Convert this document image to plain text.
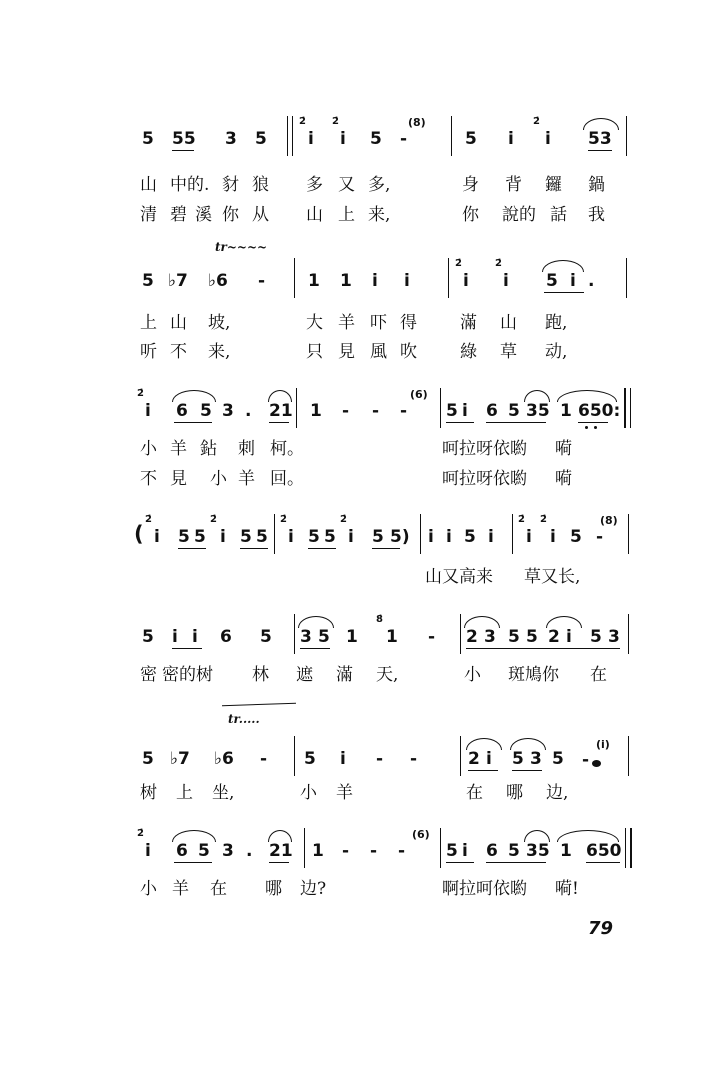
5 55 3 5
2̇
i
2̇
i 5 -
(8)
5 i
2̇
i 53
山 中的. 豺 狼 多 又 多,	身 背 鑼 鍋
清 碧 溪 你 从 山 上 来,	你 說的 話 我
tr~~~~
5 ♭7 ♭6 -	1 1 i i
2̇
i
2̇
i 5 i .
上 山 坡,	大 羊 吓 得	滿 山 跑,
听 不 来,	只 見 風 吹	綠 草 动,
2̇
i 6 5 3 . 21 1 - - -
(6)
5 i 6 5 35 1 650:
小 羊 鉆 刺 柯。	呵拉呀依喲 嗬
不 見 小 羊 回。	呵拉呀依喲 嗬
(
2̇
i 5 5
2̇
i 5 5
2̇
i 5 5
2̇
i 5 5) i i 5 i
2̇
i
2̇
i 5 -
(8)
山又高来 草又长,
5 i i 6 5 3 5 1
8̇
1 - 2 3 5 5 2 i 5 3
密 密的树 林 遮 滿 天,	小 斑鳩你 在
tr.....
5 ♭7 ♭6 - 5 i - -	2 i 5 3 5
(i)
-
树 上 坐,	小 羊	在 哪 边,
2̇
i 6 5 3 . 21 1 - - -
(6)
5 i 6 5 35 1 650
小 羊 在 哪 边?	啊拉呵依喲 嗬!
79
